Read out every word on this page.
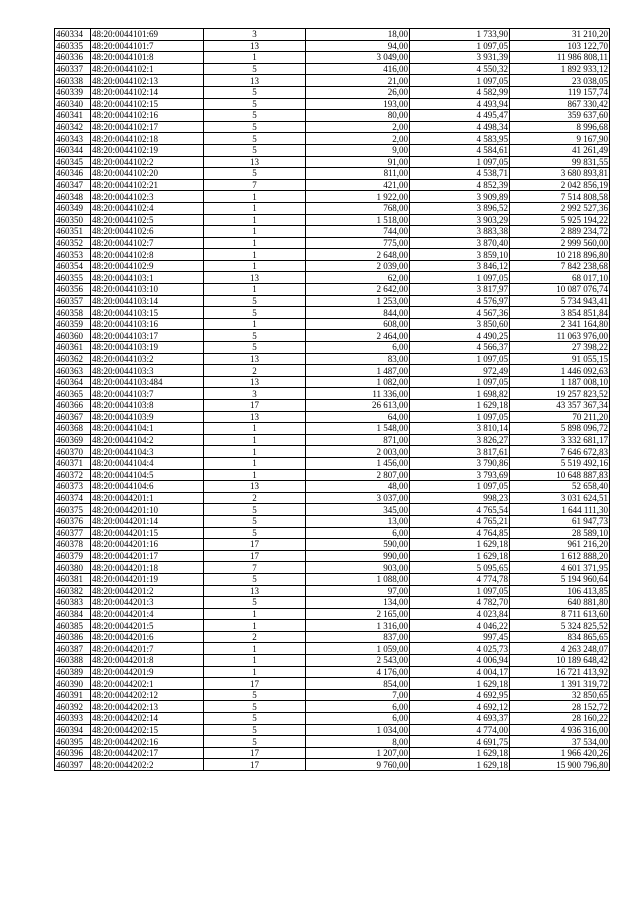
460334	48:20:0044101:69	3	18,00	1 733,90	31 210,20
460335	48:20:0044101:7	13	94,00	1 097,05	103 122,70
460336	48:20:0044101:8	1	3 049,00	3 931,39	11 986 808,11
460337	48:20:0044102:1	5	416,00	4 550,32	1 892 933,12
460338	48:20:0044102:13	13	21,00	1 097,05	23 038,05
460339	48:20:0044102:14	5	26,00	4 582,99	119 157,74
460340	48:20:0044102:15	5	193,00	4 493,94	867 330,42
460341	48:20:0044102:16	5	80,00	4 495,47	359 637,60
460342	48:20:0044102:17	5	2,00	4 498,34	8 996,68
460343	48:20:0044102:18	5	2,00	4 583,95	9 167,90
460344	48:20:0044102:19	5	9,00	4 584,61	41 261,49
460345	48:20:0044102:2	13	91,00	1 097,05	99 831,55
460346	48:20:0044102:20	5	811,00	4 538,71	3 680 893,81
460347	48:20:0044102:21	7	421,00	4 852,39	2 042 856,19
460348	48:20:0044102:3	1	1 922,00	3 909,89	7 514 808,58
460349	48:20:0044102:4	1	768,00	3 896,52	2 992 527,36
460350	48:20:0044102:5	1	1 518,00	3 903,29	5 925 194,22
460351	48:20:0044102:6	1	744,00	3 883,38	2 889 234,72
460352	48:20:0044102:7	1	775,00	3 870,40	2 999 560,00
460353	48:20:0044102:8	1	2 648,00	3 859,10	10 218 896,80
460354	48:20:0044102:9	1	2 039,00	3 846,12	7 842 238,68
460355	48:20:0044103:1	13	62,00	1 097,05	68 017,10
460356	48:20:0044103:10	1	2 642,00	3 817,97	10 087 076,74
460357	48:20:0044103:14	5	1 253,00	4 576,97	5 734 943,41
460358	48:20:0044103:15	5	844,00	4 567,36	3 854 851,84
460359	48:20:0044103:16	1	608,00	3 850,60	2 341 164,80
460360	48:20:0044103:17	5	2 464,00	4 490,25	11 063 976,00
460361	48:20:0044103:19	5	6,00	4 566,37	27 398,22
460362	48:20:0044103:2	13	83,00	1 097,05	91 055,15
460363	48:20:0044103:3	2	1 487,00	972,49	1 446 092,63
460364	48:20:0044103:484	13	1 082,00	1 097,05	1 187 008,10
460365	48:20:0044103:7	3	11 336,00	1 698,82	19 257 823,52
460366	48:20:0044103:8	17	26 613,00	1 629,18	43 357 367,34
460367	48:20:0044103:9	13	64,00	1 097,05	70 211,20
460368	48:20:0044104:1	1	1 548,00	3 810,14	5 898 096,72
460369	48:20:0044104:2	1	871,00	3 826,27	3 332 681,17
460370	48:20:0044104:3	1	2 003,00	3 817,61	7 646 672,83
460371	48:20:0044104:4	1	1 456,00	3 790,86	5 519 492,16
460372	48:20:0044104:5	1	2 807,00	3 793,69	10 648 887,83
460373	48:20:0044104:6	13	48,00	1 097,05	52 658,40
460374	48:20:0044201:1	2	3 037,00	998,23	3 031 624,51
460375	48:20:0044201:10	5	345,00	4 765,54	1 644 111,30
460376	48:20:0044201:14	5	13,00	4 765,21	61 947,73
460377	48:20:0044201:15	5	6,00	4 764,85	28 589,10
460378	48:20:0044201:16	17	590,00	1 629,18	961 216,20
460379	48:20:0044201:17	17	990,00	1 629,18	1 612 888,20
460380	48:20:0044201:18	7	903,00	5 095,65	4 601 371,95
460381	48:20:0044201:19	5	1 088,00	4 774,78	5 194 960,64
460382	48:20:0044201:2	13	97,00	1 097,05	106 413,85
460383	48:20:0044201:3	5	134,00	4 782,70	640 881,80
460384	48:20:0044201:4	1	2 165,00	4 023,84	8 711 613,60
460385	48:20:0044201:5	1	1 316,00	4 046,22	5 324 825,52
460386	48:20:0044201:6	2	837,00	997,45	834 865,65
460387	48:20:0044201:7	1	1 059,00	4 025,73	4 263 248,07
460388	48:20:0044201:8	1	2 543,00	4 006,94	10 189 648,42
460389	48:20:0044201:9	1	4 176,00	4 004,17	16 721 413,92
460390	48:20:0044202:1	17	854,00	1 629,18	1 391 319,72
460391	48:20:0044202:12	5	7,00	4 692,95	32 850,65
460392	48:20:0044202:13	5	6,00	4 692,12	28 152,72
460393	48:20:0044202:14	5	6,00	4 693,37	28 160,22
460394	48:20:0044202:15	5	1 034,00	4 774,00	4 936 316,00
460395	48:20:0044202:16	5	8,00	4 691,75	37 534,00
460396	48:20:0044202:17	17	1 207,00	1 629,18	1 966 420,26
460397	48:20:0044202:2	17	9 760,00	1 629,18	15 900 796,80
